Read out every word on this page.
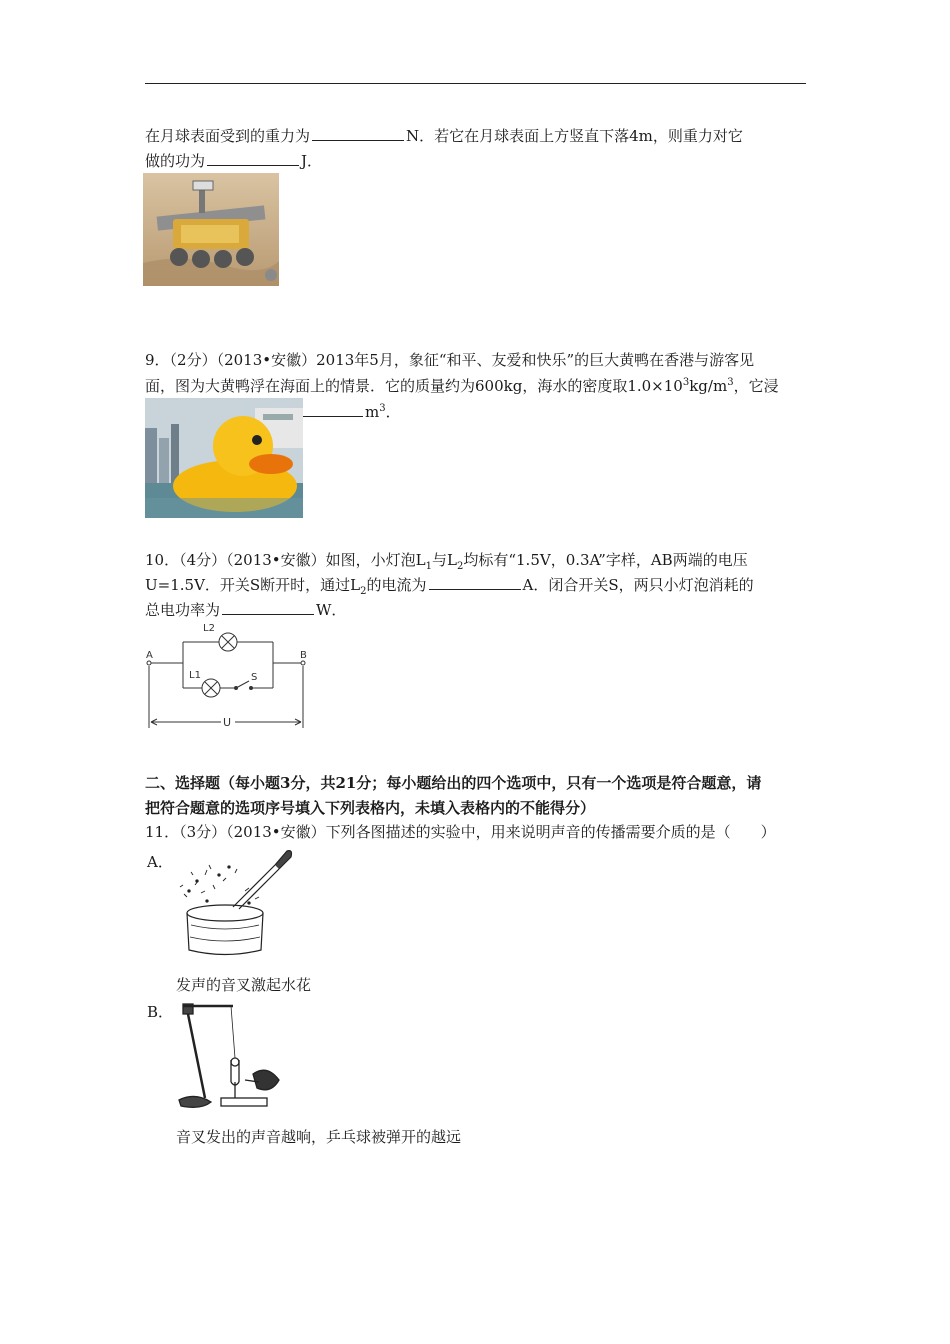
在月球表面受到的重力为	N．若它在月球表面上方竖直下落4m，则重力对它
做的功为	J．
9．（2分）（2013•安徽）2013年5月，象征“和平、友爱和快乐”的巨大黄鸭在香港与游客见
面，图为大黄鸭浮在海面上的情景．它的质量约为600kg，海水的密度取$1.0\times 10^3kg/m^3$，它浸
$m^3$．
10．（4分）（2013•安徽）如图，小灯泡$L_1$与$L_2$均标有“1.5V，0.3A”字样，AB两端的电压
U=1.5V．开关S断开时，通过$L_2$的电流为	A．闭合开关S，两只小灯泡消耗的
总电功率为	W．
A	B
L2
L1	S
U
二、选择题（每小题3分，共21分；每小题给出的四个选项中，只有一个选项是符合题意，请
把符合题意的选项序号填入下列表格内，未填入表格内的不能得分）
11．（3分）（2013•安徽）下列各图描述的实验中，用来说明声音的传播需要介质的是（　　）
A．
发声的音叉激起水花
B．
音叉发出的声音越响，乒乓球被弹开的越远
